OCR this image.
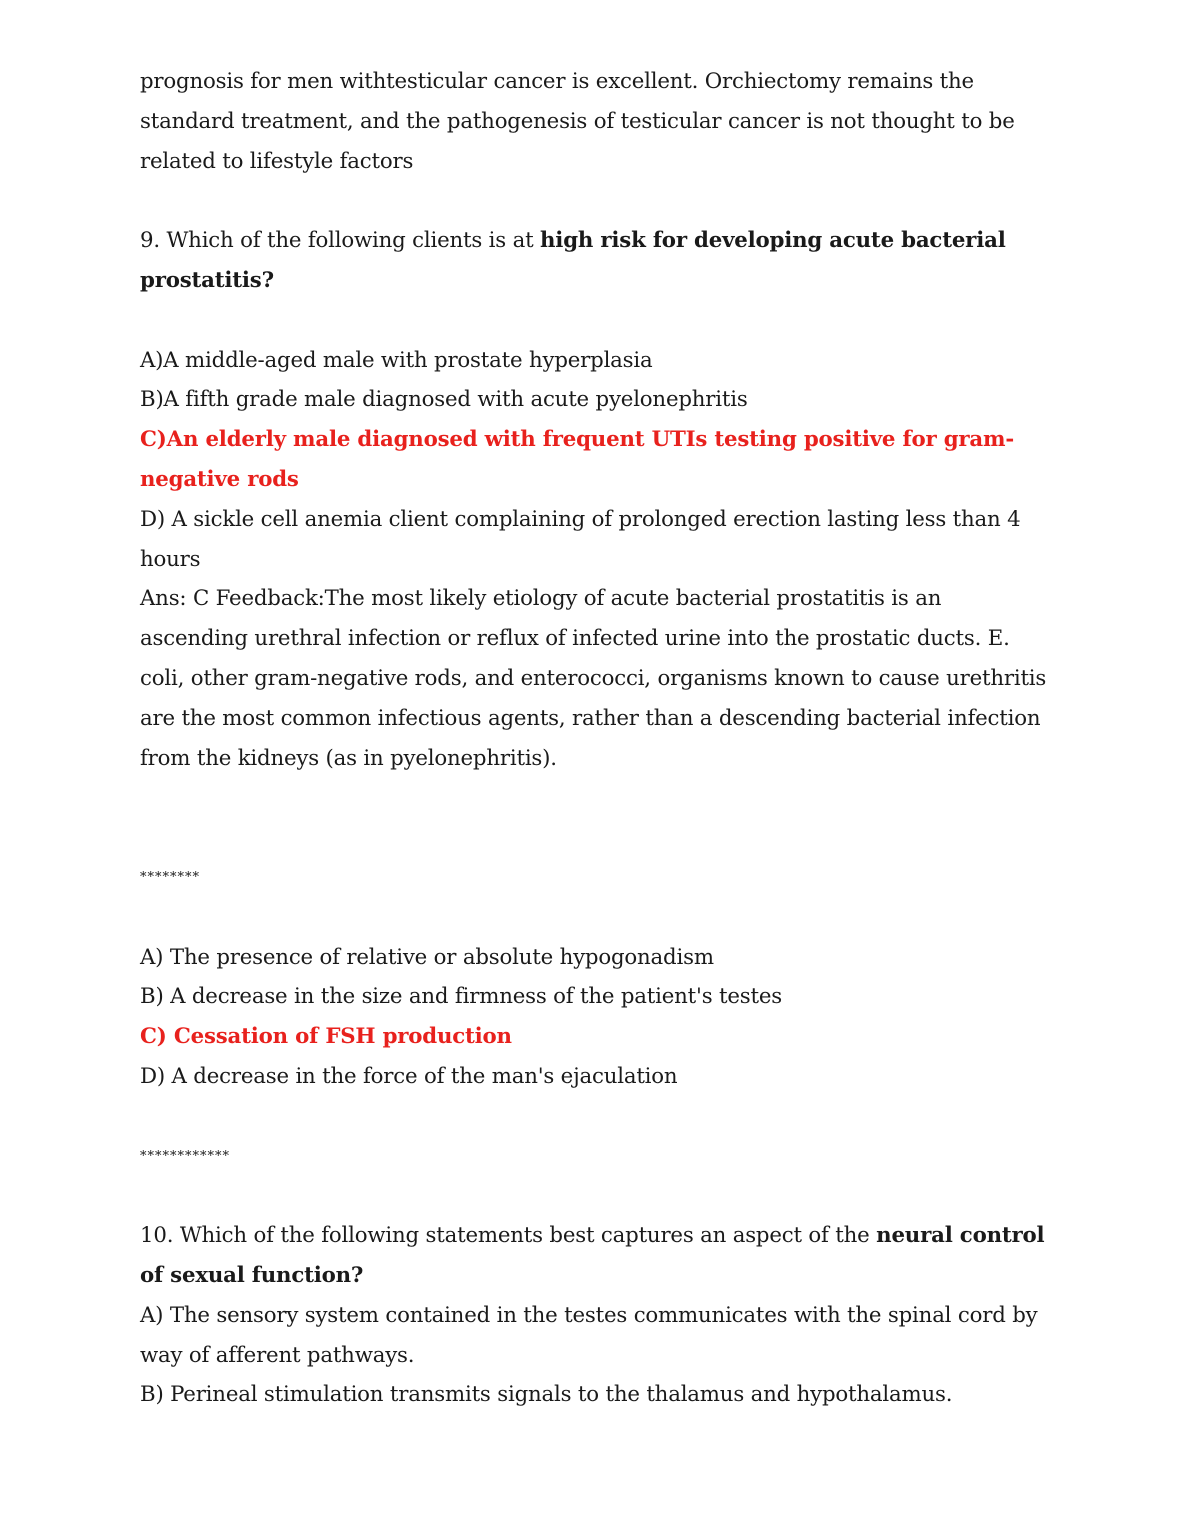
prognosis for men withtesticular cancer is excellent. Orchiectomy remains the standard treatment, and the pathogenesis of testicular cancer is not thought to be related to lifestyle factors

9. Which of the following clients is at high risk for developing acute bacterial prostatitis?

A)A middle-aged male with prostate hyperplasia

B)A fifth grade male diagnosed with acute pyelonephritis

C)An elderly male diagnosed with frequent UTIs testing positive for gram-negative rods

D) A sickle cell anemia client complaining of prolonged erection lasting less than 4 hours

Ans: C Feedback:The most likely etiology of acute bacterial prostatitis is an ascending urethral infection or reflux of infected urine into the prostatic ducts. E. coli, other gram-negative rods, and enterococci, organisms known to cause urethritis are the most common infectious agents, rather than a descending bacterial infection from the kidneys (as in pyelonephritis).

********

A) The presence of relative or absolute hypogonadism

B) A decrease in the size and firmness of the patient's testes

C) Cessation of FSH production

D) A decrease in the force of the man's ejaculation

************

10. Which of the following statements best captures an aspect of the neural control of sexual function?

A) The sensory system contained in the testes communicates with the spinal cord by way of afferent pathways.

B) Perineal stimulation transmits signals to the thalamus and hypothalamus.
